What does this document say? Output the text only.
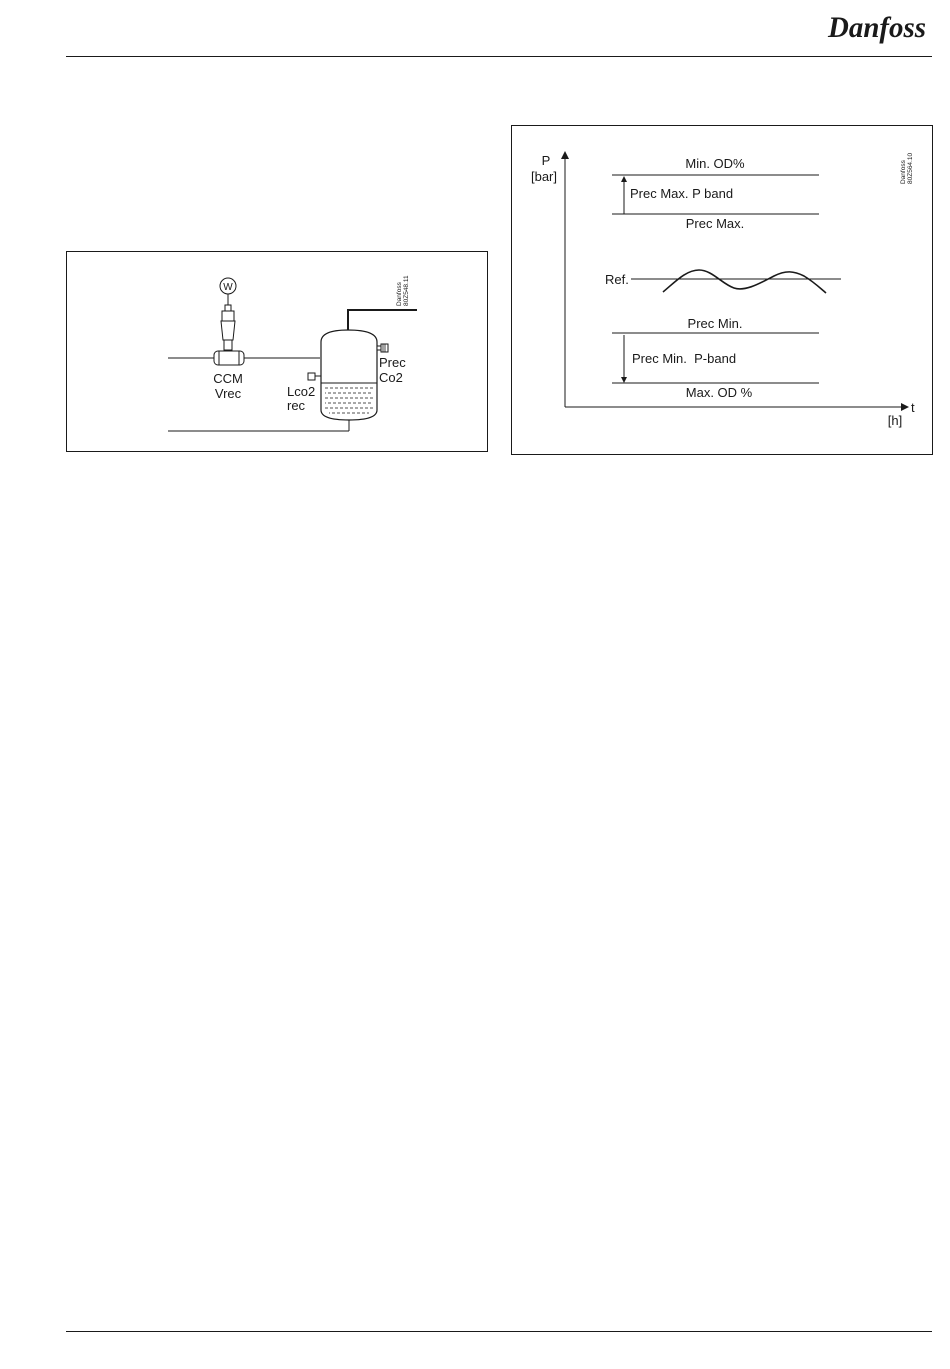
Danfoss
W
CCM
Vrec	Lco2
rec
Prec
Co2
Danfoss 80Z548.11
P
[bar]
t
[h]
Min. OD%
Prec Max. P band
Prec Max.
Ref.
Prec Min.
Prec Min.  P-band
Max. OD %
Danfoss 80Z564.10
